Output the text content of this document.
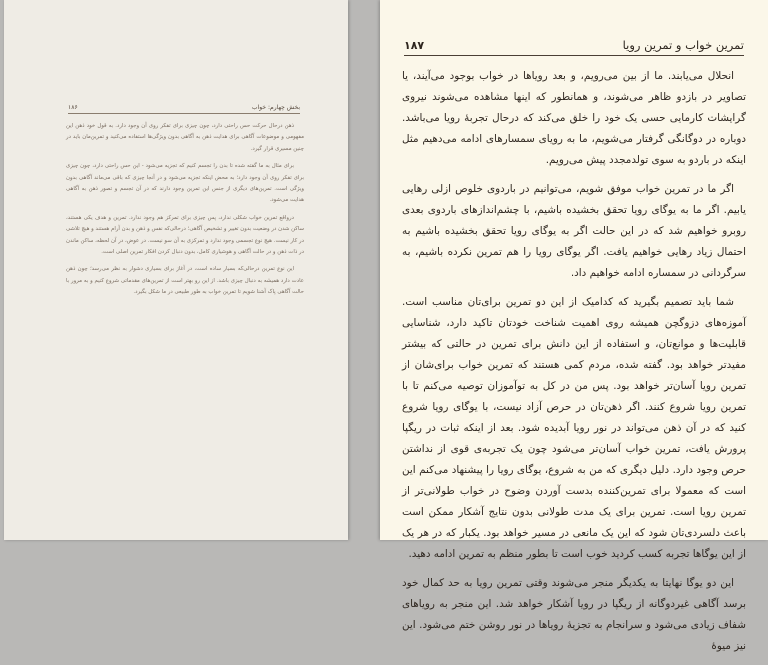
بخش چهارم: خواب
۱۸۶

ذهن درحال حرکت حس راحتی دارد، چون چیزی برای تفکر روی آن وجود دارد. به قول خود ذهن این مفهومی و موضوعات آگاهی برای هدایت ذهن به آگاهی بدون ویژگی‌ها استفاده می‌کنید و تمرین‌مان باید در چنین مسیری قرار گیرد.

برای مثال به ما گفته شده تا بدن را تجسم کنیم که تجزیه می‌شود - این حس راحتی دارد، چون چیزی برای تفکر روی آن وجود دارد؛ به محض اینکه تجزیه می‌شود و در آنجا چیزی که باقی می‌ماند آگاهی بدون ویژگی است. تمرین‌های دیگری از جنس این تمرین وجود دارند که در آن تجسم و تصور ذهن به آگاهی هدایت می‌شود.

درواقع تمرین خواب شکلی ندارد، پس چیزی برای تمرکز هم وجود ندارد. تمرین و هدف یکی هستند، ساکن شدن در وضعیت بدون تغییر و تشخیص آگاهی؛ درحالی‌که نفس و ذهن و بدن آرام هستند و هیچ تلاشی در کار نیست. هیچ نوع تجسمی وجود ندارد و تمرکزی به آن سو نیست. در عوض، در آن لحظه، ساکن ماندن در ذات ذهن و در حالت آگاهی و هوشیاری کامل، بدون دنبال کردن افکار تمرین اصلی است.

این نوع تمرین درحالی‌که بسیار ساده است، در آغاز برای بسیاری دشوار به نظر می‌رسد؛ چون ذهن عادت دارد همیشه به دنبال چیزی باشد. از این رو بهتر است از تمرین‌های مقدماتی شروع کنیم و به مرور با حالت آگاهی پاک آشنا شویم تا تمرین خواب به طور طبیعی در ما شکل بگیرد.

تمرین خواب و تمرین رویا
۱۸۷

انحلال می‌یابند. ما از بین می‌رویم، و بعد رویاها در خواب بوجود می‌آیند، یا تصاویر در بازدو ظاهر می‌شوند، و همانطور که اینها مشاهده می‌شوند نیروی گرایشات کارمایی حسی یک خود را خلق می‌کند که درحال تجربهٔ رویا می‌باشد. دوباره در دوگانگی گرفتار می‌شویم، ما به رویای سمسارهای ادامه می‌دهیم مثل اینکه در باردو به سوی تولدمجدد پیش می‌رویم.

اگر ما در تمرین خواب موفق شویم، می‌توانیم در باردوی خلوص ازلی رهایی یابیم. اگر ما به یوگای رویا تحقق بخشیده باشیم، با چشم‌اندازهای باردوی بعدی روبرو خواهیم شد که در این حالت اگر به یوگای رویا تحقق بخشیده باشیم به احتمال زیاد رهایی خواهیم یافت. اگر یوگای رویا را هم تمرین نکرده باشیم، به سرگردانی در سمساره ادامه خواهیم داد.

شما باید تصمیم بگیرید که کدامیک از این دو تمرین برای‌تان مناسب است. آموزه‌های دزوگچن همیشه روی اهمیت شناخت خودتان تاکید دارد، شناسایی قابلیت‌ها و موانع‌تان، و استفاده از این دانش برای تمرین در حالتی که بیشتر مفیدتر خواهد بود. گفته شده، مردم کمی هستند که تمرین خواب برای‌شان از تمرین رویا آسان‌تر خواهد بود. پس من در کل به توآموزان توصیه می‌کنم تا با تمرین رویا شروع کنند. اگر ذهن‌تان در حرص آزاد نیست، با یوگای رویا شروع کنید که در آن ذهن می‌تواند در نور رویا آبدیده شود. بعد از اینکه ثبات در ریگپا پرورش یافت، تمرین خواب آسان‌تر می‌شود چون یک تجربه‌ی قوی از نداشتن حرص وجود دارد. دلیل دیگری که من به شروع، یوگای رویا را پیشنهاد می‌کنم این است که معمولا برای تمرین‌کننده بدست آوردن وضوح در خواب طولانی‌تر از تمرین رویا است. تمرین برای یک مدت طولانی بدون نتایج آشکار ممکن است باعث دلسردی‌تان شود که این یک مانعی در مسیر خواهد بود. یکبار که در هر یک از این یوگاها تجربه کسب کردید خوب است تا بطور منظم به تمرین ادامه دهید.

این دو یوگا نهایتا به یکدیگر منجر می‌شوند وقتی تمرین رویا به حد کمال خود برسد آگاهی غیردوگانه از ریگپا در رویا آشکار خواهد شد. این منجر به رویاهای شفاف زیادی می‌شود و سرانجام به تجزیهٔ رویاها در نور روشن ختم می‌شود. این نیز میوهٔ
